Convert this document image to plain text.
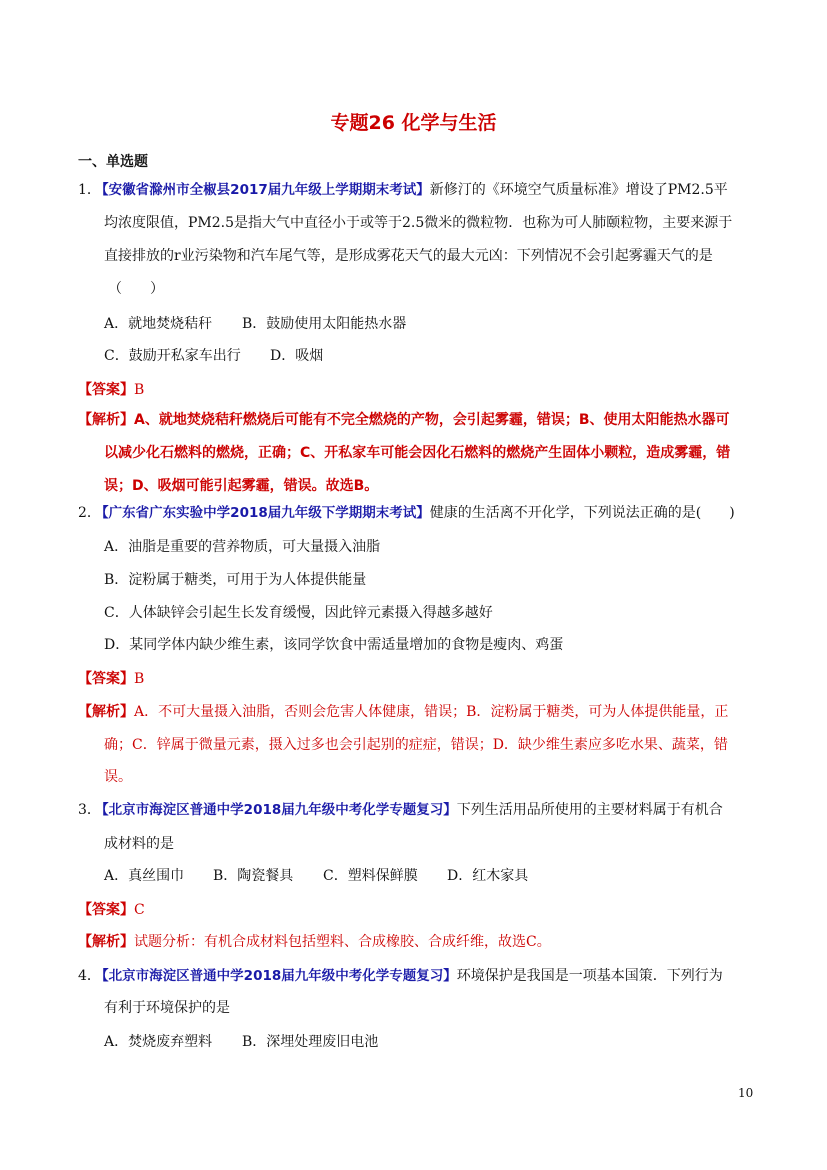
专题26 化学与生活
一、单选题
1．【安徽省滁州市全椒县2017届九年级上学期期末考试】新修汀的《环境空气质量标准》增设了PM2.5平
均浓度限值，PM2.5是指大气中直径小于或等于2.5微米的微粒物．也称为可人肺颐粒物，主要来源于
直接排放的r业污染物和汽车尾气等，是形成雾花天气的最大元凶：下列情况不会引起雾霾天气的是
（　　）
A．就地焚烧秸秆 B．鼓励使用太阳能热水器
C．鼓励开私家车出行 D．吸烟
【答案】B
【解析】A、就地焚烧秸秆燃烧后可能有不完全燃烧的产物，会引起雾霾，错误；B、使用太阳能热水器可
以减少化石燃料的燃烧，正确；C、开私家车可能会因化石燃料的燃烧产生固体小颗粒，造成雾霾，错
误；D、吸烟可能引起雾霾，错误。故选B。
2．【广东省广东实验中学2018届九年级下学期期末考试】健康的生活离不开化学，下列说法正确的是(　　)
A．油脂是重要的营养物质，可大量摄入油脂
B．淀粉属于糖类，可用于为人体提供能量
C．人体缺锌会引起生长发育缓慢，因此锌元素摄入得越多越好
D．某同学体内缺少维生素，该同学饮食中需适量增加的食物是瘦肉、鸡蛋
【答案】B
【解析】A．不可大量摄入油脂，否则会危害人体健康，错误；B．淀粉属于糖类，可为人体提供能量，正
确；C．锌属于微量元素，摄入过多也会引起别的症症，错误；D．缺少维生素应多吃水果、蔬菜，错
误。
3．【北京市海淀区普通中学2018届九年级中考化学专题复习】下列生活用品所使用的主要材料属于有机合
成材料的是
A．真丝围巾 B．陶瓷餐具 C．塑料保鲜膜 D．红木家具
【答案】C
【解析】试题分析：有机合成材料包括塑料、合成橡胶、合成纤维，故选C。
4．【北京市海淀区普通中学2018届九年级中考化学专题复习】环境保护是我国是一项基本国策．下列行为
有利于环境保护的是
A．焚烧废弃塑料 B．深埋处理废旧电池
10
